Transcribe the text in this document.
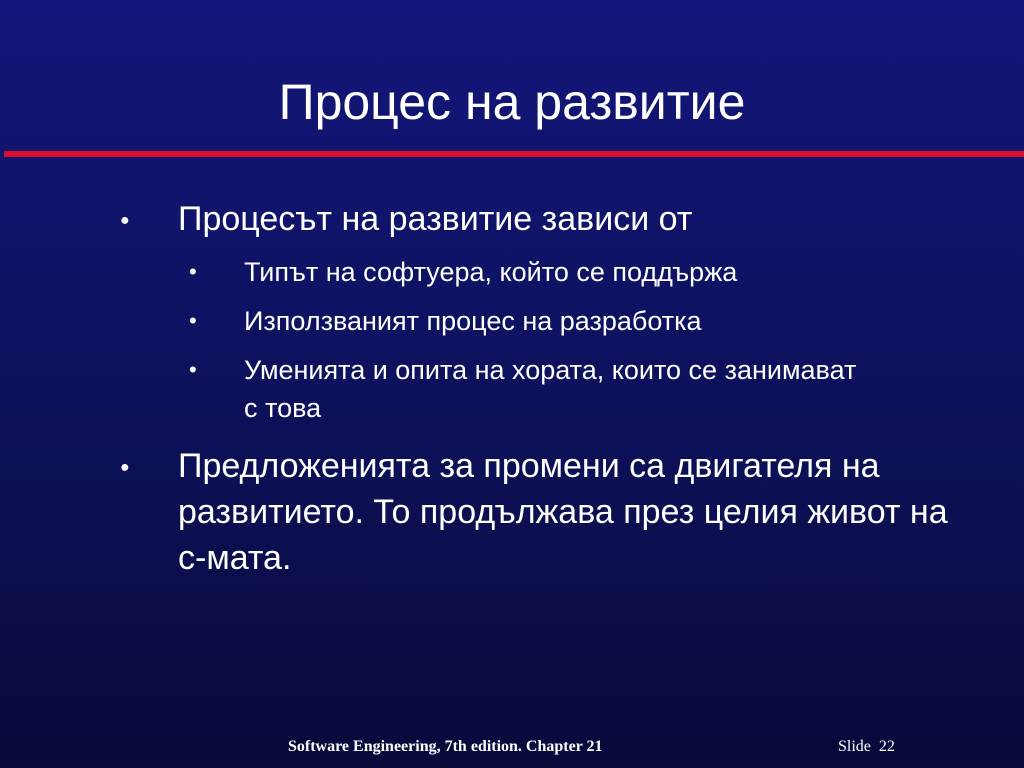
Процес на развитие
●	Процесът на развитие зависи от
•	Типът на софтуера, който се поддържа
•	Използваният процес на разработка
•	Уменията и опита на хората, които се занимават с това
●	Предложенията за промени са двигателя на развитието. То продължава през целия живот на с-мата.
Software Engineering, 7th edition. Chapter 21	Slide 22
